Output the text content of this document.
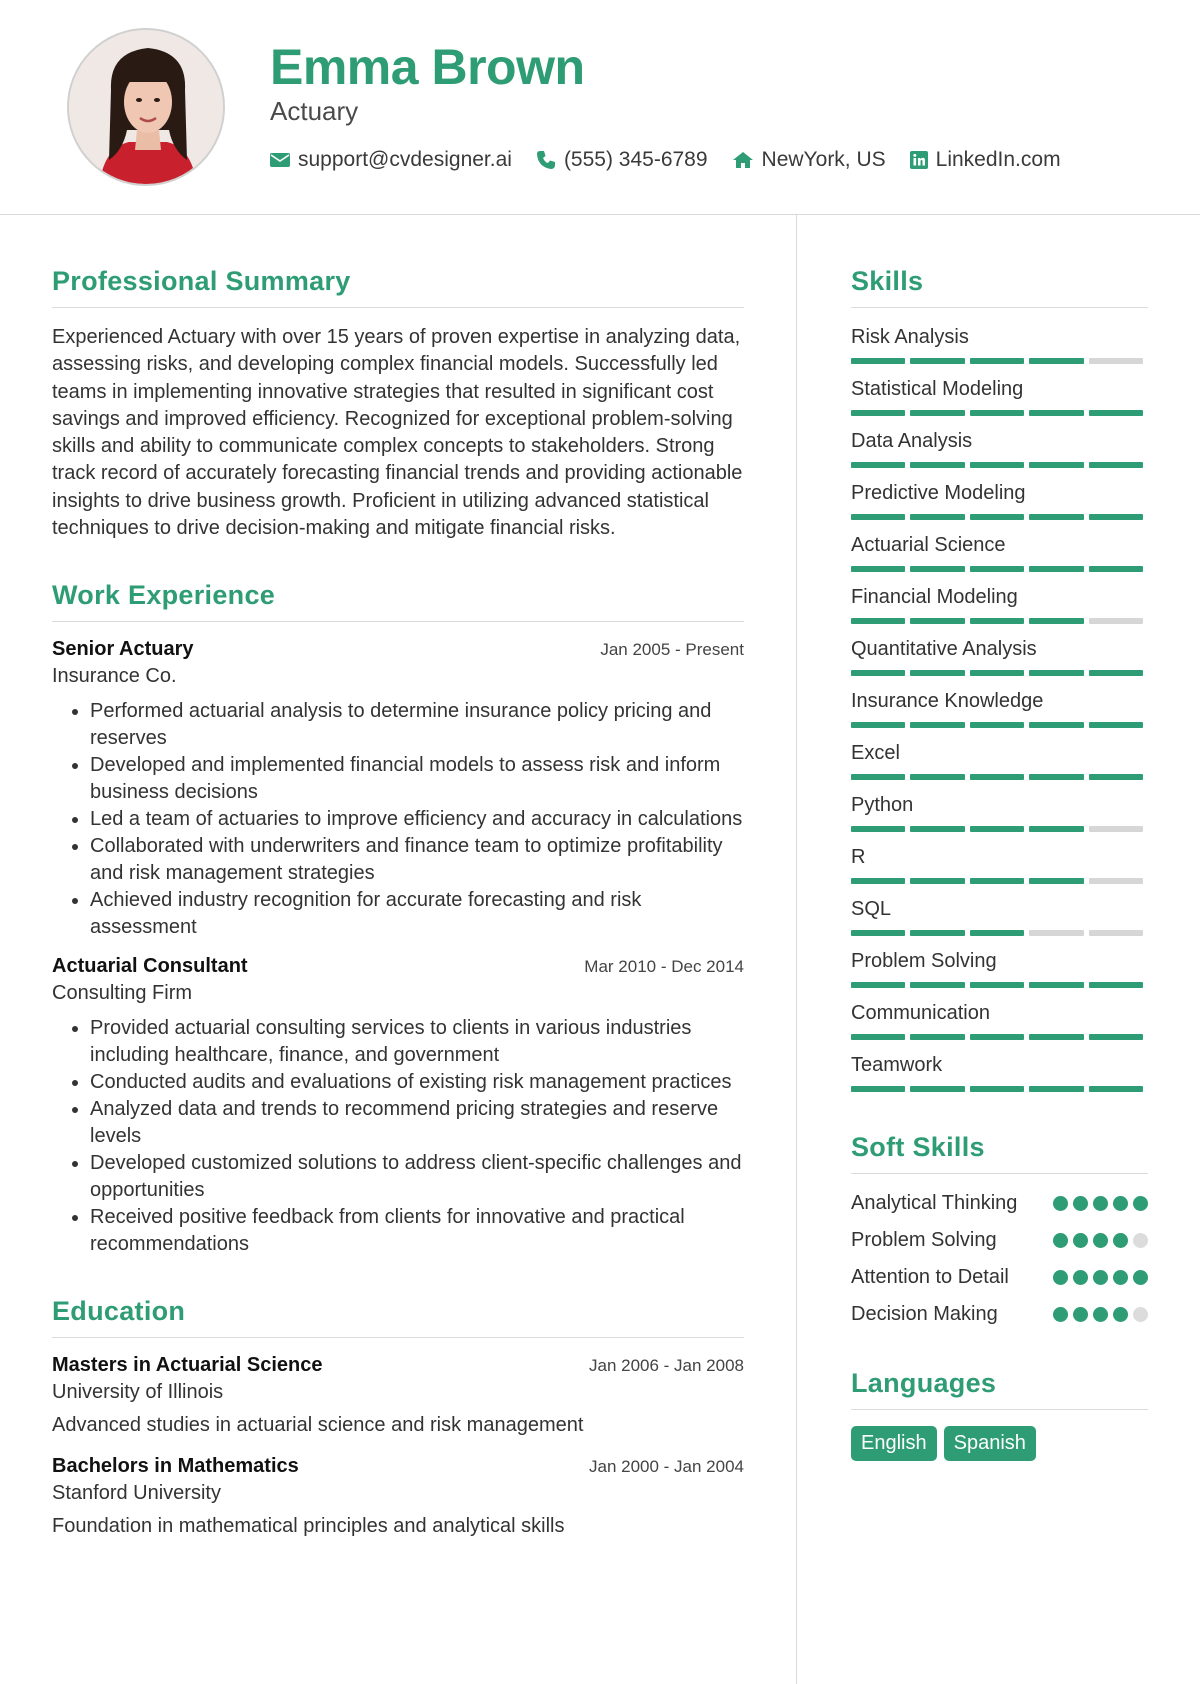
Emma Brown
Actuary
support@cvdesigner.ai (555) 345-6789	NewYork, US LinkedIn.com
Professional Summary

Experienced Actuary with over 15 years of proven expertise in analyzing data, assessing risks, and developing complex financial models. Successfully led teams in implementing innovative strategies that resulted in significant cost savings and improved efficiency. Recognized for exceptional problem-solving skills and ability to communicate complex concepts to stakeholders. Strong track record of accurately forecasting financial trends and providing actionable insights to drive business growth. Proficient in utilizing advanced statistical techniques to drive decision-making and mitigate financial risks.

Work Experience
Senior Actuary	Jan 2005 - Present
Insurance Co.
• Performed actuarial analysis to determine insurance policy pricing and reserves
• Developed and implemented financial models to assess risk and inform business decisions
• Led a team of actuaries to improve efficiency and accuracy in calculations
• Collaborated with underwriters and finance team to optimize profitability and risk management strategies
• Achieved industry recognition for accurate forecasting and risk assessment
Actuarial Consultant	Mar 2010 - Dec 2014
Consulting Firm
• Provided actuarial consulting services to clients in various industries including healthcare, finance, and government
• Conducted audits and evaluations of existing risk management practices
• Analyzed data and trends to recommend pricing strategies and reserve levels
• Developed customized solutions to address client-specific challenges and opportunities
• Received positive feedback from clients for innovative and practical recommendations
Education
Masters in Actuarial Science	Jan 2006 - Jan 2008
University of Illinois
Advanced studies in actuarial science and risk management
Bachelors in Mathematics	Jan 2000 - Jan 2004
Stanford University
Foundation in mathematical principles and analytical skills
Skills
Risk Analysis
Statistical Modeling
Data Analysis
Predictive Modeling
Actuarial Science
Financial Modeling
Quantitative Analysis
Insurance Knowledge
Excel
Python
R
SQL
Problem Solving
Communication
Teamwork
Soft Skills
Analytical Thinking
Problem Solving
Attention to Detail
Decision Making
Languages
English	Spanish
